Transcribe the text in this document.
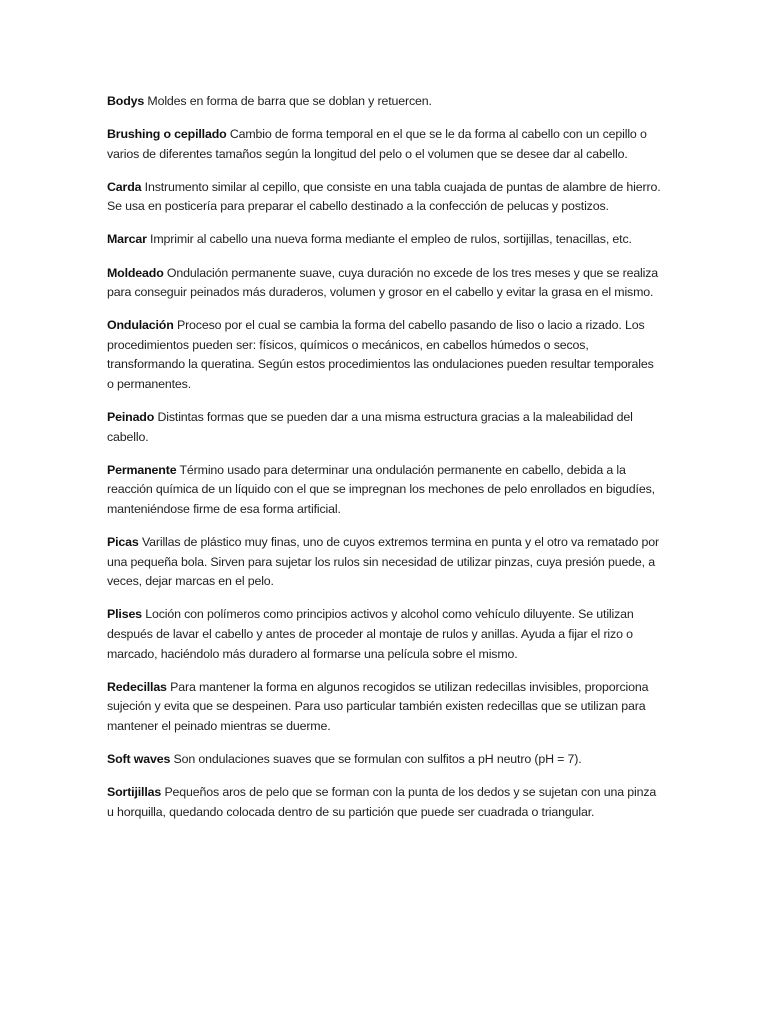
Bodys Moldes en forma de barra que se doblan y retuercen.

Brushing o cepillado Cambio de forma temporal en el que se le da forma al cabello con un cepillo o varios de diferentes tamaños según la longitud del pelo o el volumen que se desee dar al cabello.

Carda Instrumento similar al cepillo, que consiste en una tabla cuajada de puntas de alambre de hierro. Se usa en posticería para preparar el cabello destinado a la confección de pelucas y postizos.

Marcar Imprimir al cabello una nueva forma mediante el empleo de rulos, sortijillas, tenacillas, etc.

Moldeado Ondulación permanente suave, cuya duración no excede de los tres meses y que se realiza para conseguir peinados más duraderos, volumen y grosor en el cabello y evitar la grasa en el mismo.

Ondulación Proceso por el cual se cambia la forma del cabello pasando de liso o lacio a rizado. Los procedimientos pueden ser: físicos, químicos o mecánicos, en cabellos húmedos o secos, transformando la queratina. Según estos procedimientos las ondulaciones pueden resultar temporales o permanentes.

Peinado Distintas formas que se pueden dar a una misma estructura gracias a la maleabilidad del cabello.

Permanente Término usado para determinar una ondulación permanente en cabello, debida a la reacción química de un líquido con el que se impregnan los mechones de pelo enrollados en bigudíes, manteniéndose firme de esa forma artificial.

Picas Varillas de plástico muy finas, uno de cuyos extremos termina en punta y el otro va rematado por una pequeña bola. Sirven para sujetar los rulos sin necesidad de utilizar pinzas, cuya presión puede, a veces, dejar marcas en el pelo.

Plises Loción con polímeros como principios activos y alcohol como vehículo diluyente. Se utilizan después de lavar el cabello y antes de proceder al montaje de rulos y anillas. Ayuda a fijar el rizo o marcado, haciéndolo más duradero al formarse una película sobre el mismo.

Redecillas Para mantener la forma en algunos recogidos se utilizan redecillas invisibles, proporciona sujeción y evita que se despeinen. Para uso particular también existen redecillas que se utilizan para mantener el peinado mientras se duerme.

Soft waves Son ondulaciones suaves que se formulan con sulfitos a pH neutro (pH = 7).

Sortijillas Pequeños aros de pelo que se forman con la punta de los dedos y se sujetan con una pinza u horquilla, quedando colocada dentro de su partición que puede ser cuadrada o triangular.
